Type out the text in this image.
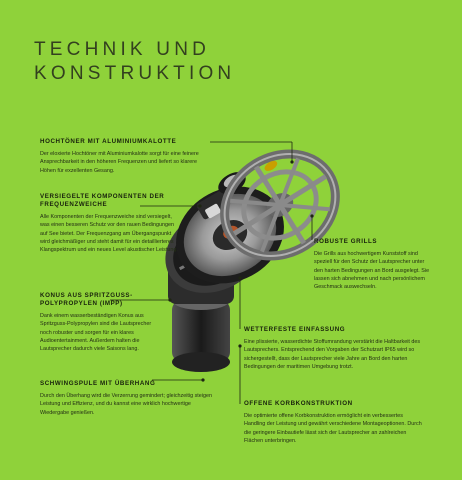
TECHNIK UND
KONSTRUKTION
HOCHTÖNER MIT ALUMINIUMKALOTTE

Der eloxierte Hochtöner mit Aluminiumkalotte sorgt für eine feinere Ansprechbarkeit in den höheren Frequenzen und liefert so klarere Höhen für exzellenten Gesang.

VERSIEGELTE KOMPONENTEN DER FREQUENZWEICHE

Alle Komponenten der Frequenzweiche sind versiegelt, was einen besseren Schutz vor den rauen Bedingungen auf See bietet. Der Frequenzgang am Übergangspunkt wird gleichmäßiger und steht damit für ein detaillierteres Klangspektrum und ein neues Level akustischer Leistung.

KONUS AUS SPRITZGUSS-POLYPROPYLEN (IMPP)

Dank einem wasserbeständigen Konus aus Spritzguss-Polypropylen sind die Lautsprecher noch robuster und sorgen für ein klares Audioentertainment. Außerdem halten die Lautsprecher dadurch viele Saisons lang.

SCHWINGSPULE MIT ÜBERHANG

Durch den Überhang wird die Verzerrung gemindert; gleichzeitig steigen Leistung und Effizienz, und du kannst eine wirklich hochwertige Wiedergabe genießen.

ROBUSTE GRILLS

Die Grills aus hochwertigem Kunststoff sind speziell für den Schutz der Lautsprecher unter den harten Bedingungen an Bord ausgelegt. Sie lassen sich abnehmen und nach persönlichem Geschmack auswechseln.

WETTERFESTE EINFASSUNG

Eine plissierte, wasserdichte Stoffumrandung verstärkt die Haltbarkeit des Lautsprechers. Entsprechend den Vorgaben der Schutzart IP65 wird so sichergestellt, dass der Lautsprecher viele Jahre an Bord den harten Bedingungen der maritimen Umgebung trotzt.

OFFENE KORBKONSTRUKTION

Die optimierte offene Korbkonstruktion ermöglicht ein verbessertes Handling der Leistung und gewährt verschiedene Montageoptionen. Durch die geringere Einbautiefe lässt sich der Lautsprecher an zahlreichen Flächen unterbringen.
